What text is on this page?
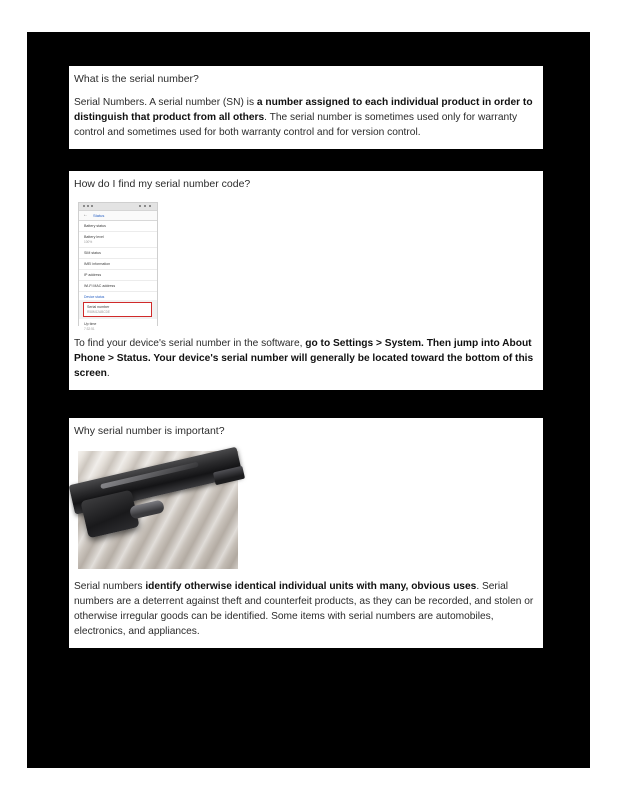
What is the serial number?
Serial Numbers. A serial number (SN) is a number assigned to each individual product in order to distinguish that product from all others. The serial number is sometimes used only for warranty control and sometimes used for both warranty control and for version control.
How do I find my serial number code?
← Status
Battery status
Battery level
100%
SIM status
IMEI information
IP address
Wi-Fi MAC address
Device status
Serial number
R58M12ABCDE
Up time
7:32:51
To find your device's serial number in the software, go to Settings > System. Then jump into About Phone > Status. Your device's serial number will generally be located toward the bottom of this screen.
Why serial number is important?
Serial numbers identify otherwise identical individual units with many, obvious uses. Serial numbers are a deterrent against theft and counterfeit products, as they can be recorded, and stolen or otherwise irregular goods can be identified. Some items with serial numbers are automobiles, electronics, and appliances.
